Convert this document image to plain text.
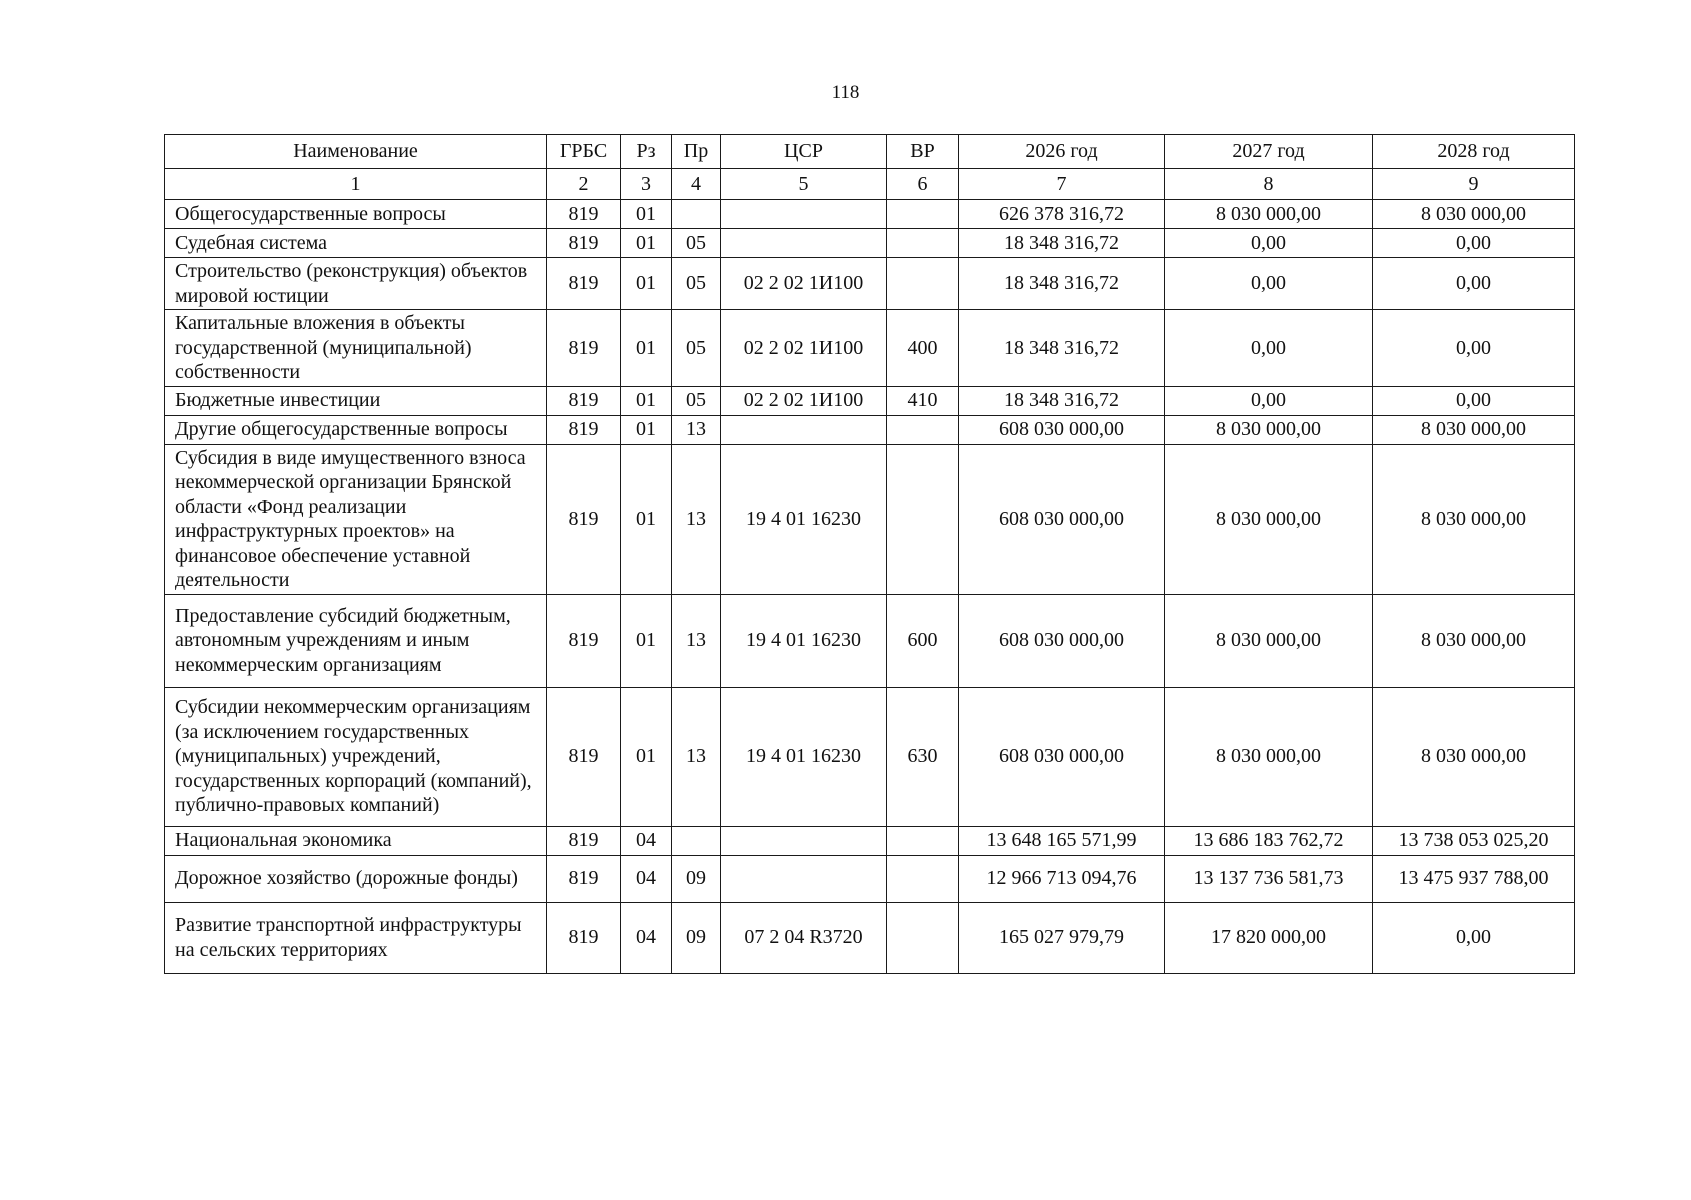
118
Наименование	ГРБС	Рз	Пр	ЦСР	ВР	2026 год	2027 год	2028 год
1	2	3	4	5	6	7	8	9
Общегосударственные вопросы	819	01				626 378 316,72	8 030 000,00	8 030 000,00
Судебная система	819	01	05			18 348 316,72	0,00	0,00
Строительство (реконструкция) объектов мировой юстиции	819	01	05	02 2 02 1И100		18 348 316,72	0,00	0,00
Капитальные вложения в объекты государственной (муниципальной) собственности	819	01	05	02 2 02 1И100	400	18 348 316,72	0,00	0,00
Бюджетные инвестиции	819	01	05	02 2 02 1И100	410	18 348 316,72	0,00	0,00
Другие общегосударственные вопросы	819	01	13			608 030 000,00	8 030 000,00	8 030 000,00
Субсидия в виде имущественного взноса некоммерческой организации Брянской области «Фонд реализации инфраструктурных проектов» на финансовое обеспечение уставной деятельности	819	01	13	19 4 01 16230		608 030 000,00	8 030 000,00	8 030 000,00
Предоставление субсидий бюджетным, автономным учреждениям и иным некоммерческим организациям	819	01	13	19 4 01 16230	600	608 030 000,00	8 030 000,00	8 030 000,00
Субсидии некоммерческим организациям (за исключением государственных (муниципальных) учреждений, государственных корпораций (компаний), публично-правовых компаний)	819	01	13	19 4 01 16230	630	608 030 000,00	8 030 000,00	8 030 000,00
Национальная экономика	819	04				13 648 165 571,99	13 686 183 762,72	13 738 053 025,20
Дорожное хозяйство (дорожные фонды)	819	04	09			12 966 713 094,76	13 137 736 581,73	13 475 937 788,00
Развитие транспортной инфраструктуры на сельских территориях	819	04	09	07 2 04 R3720		165 027 979,79	17 820 000,00	0,00
